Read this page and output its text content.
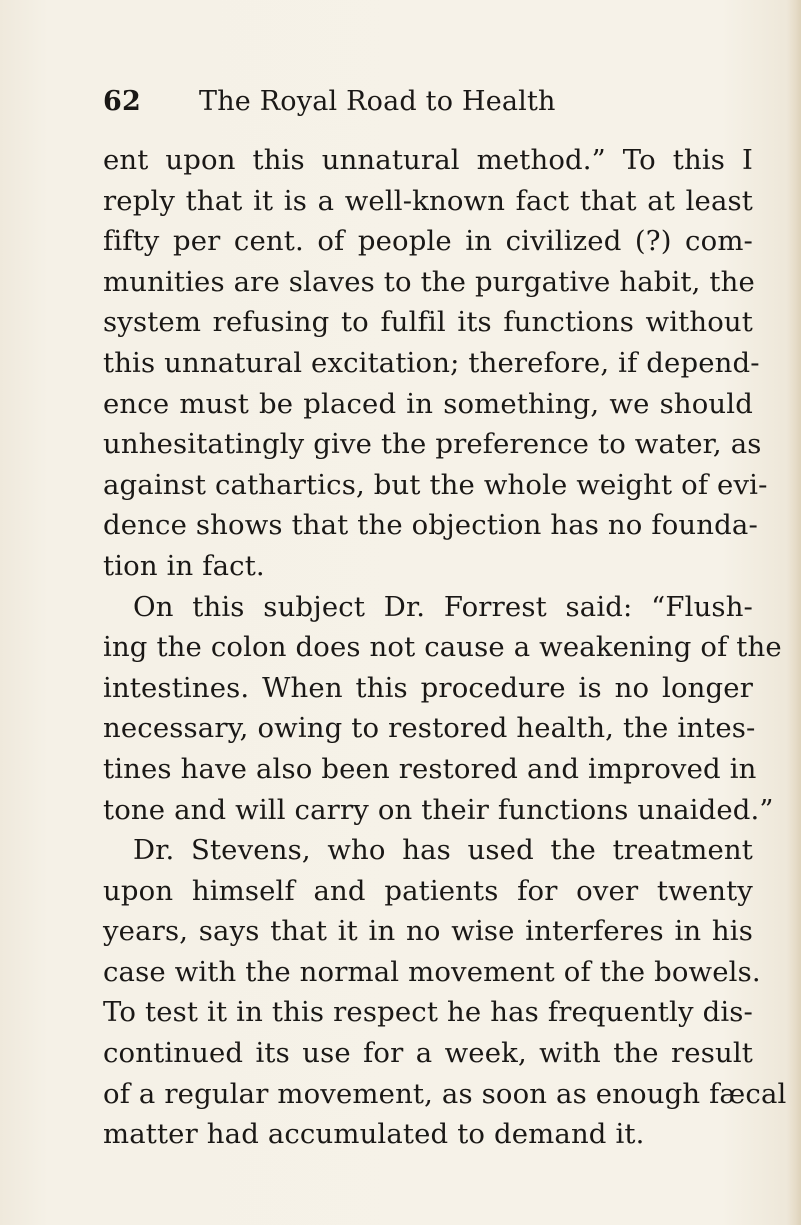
62 The Royal Road to Health
ent upon this unnatural method.” To this I
reply that it is a well-known fact that at least
fifty per cent. of people in civilized (?) com-
munities are slaves to the purgative habit, the
system refusing to fulfil its functions without
this unnatural excitation; therefore, if depend-
ence must be placed in something, we should
unhesitatingly give the preference to water, as
against cathartics, but the whole weight of evi-
dence shows that the objection has no founda-
tion in fact.
On this subject Dr. Forrest said: “Flush-
ing the colon does not cause a weakening of the
intestines. When this procedure is no longer
necessary, owing to restored health, the intes-
tines have also been restored and improved in
tone and will carry on their functions unaided.”
Dr. Stevens, who has used the treatment
upon himself and patients for over twenty
years, says that it in no wise interferes in his
case with the normal movement of the bowels.
To test it in this respect he has frequently dis-
continued its use for a week, with the result
of a regular movement, as soon as enough fæcal
matter had accumulated to demand it.
